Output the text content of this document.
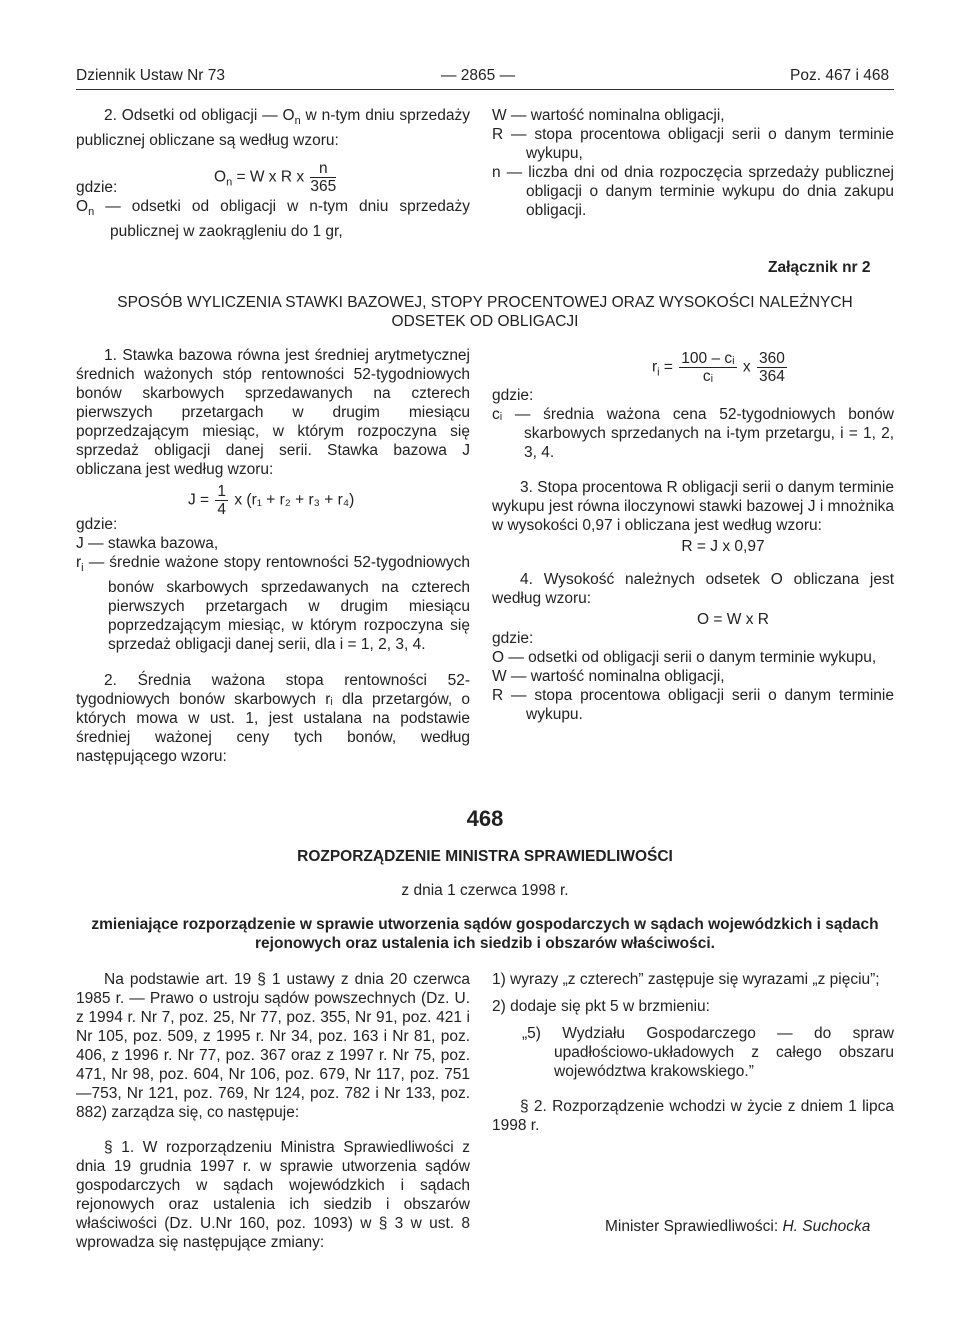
Dziennik Ustaw Nr 73	— 2865 —	Poz. 467 i 468

2. Odsetki od obligacji — $O_n$ w n-tym dniu sprzedaży publicznej obliczane są według wzoru:

$O_n = W$ x R x $\frac{n}{365}$

gdzie:

$O_n$ — odsetki od obligacji w n-tym dniu sprzedaży publicznej w zaokrągleniu do 1 gr,

W — wartość nominalna obligacji,

R — stopa procentowa obligacji serii o danym terminie wykupu,

n — liczba dni od dnia rozpoczęcia sprzedaży publicznej obligacji o danym terminie wykupu do dnia zakupu obligacji.

Załącznik nr 2
SPOSÓB WYLICZENIA STAWKI BAZOWEJ, STOPY PROCENTOWEJ ORAZ WYSOKOŚCI NALEŻNYCH
ODSETEK OD OBLIGACJI

1. Stawka bazowa równa jest średniej arytmetycznej średnich ważonych stóp rentowności 52-tygodniowych bonów skarbowych sprzedawanych na czterech pierwszych przetargach w drugim miesiącu poprzedzającym miesiąc, w którym rozpoczyna się sprzedaż obligacji danej serii. Stawka bazowa J obliczana jest według wzoru:

$J = \frac{1}{4}$ x (r₁ + r₂ + r₃ + r₄)

gdzie:

J — stawka bazowa,

$r_i$ — średnie ważone stopy rentowności 52-tygodniowych bonów skarbowych sprzedawanych na czterech pierwszych przetargach w drugim miesiącu poprzedzającym miesiąc, w którym rozpoczyna się sprzedaż obligacji danej serii, dla i = 1, 2, 3, 4.

2. Średnia ważona stopa rentowności 52-tygodniowych bonów skarbowych rᵢ dla przetargów, o których mowa w ust. 1, jest ustalana na podstawie średniej ważonej ceny tych bonów, według następującego wzoru:

$r_i = \frac{\text{100 – cᵢ}}{\text{cᵢ}}$ x $\frac{360}{364}$

gdzie:

cᵢ — średnia ważona cena 52-tygodniowych bonów skarbowych sprzedanych na i-tym przetargu, i = 1, 2, 3, 4.

3. Stopa procentowa R obligacji serii o danym terminie wykupu jest równa iloczynowi stawki bazowej J i mnożnika w wysokości 0,97 i obliczana jest według wzoru:

R = J x 0,97

4. Wysokość należnych odsetek O obliczana jest według wzoru:

O = W x R

gdzie:

O — odsetki od obligacji serii o danym terminie wykupu,

W — wartość nominalna obligacji,

R — stopa procentowa obligacji serii o danym terminie wykupu.

468
ROZPORZĄDZENIE MINISTRA SPRAWIEDLIWOŚCI
z dnia 1 czerwca 1998 r.
zmieniające rozporządzenie w sprawie utworzenia sądów gospodarczych w sądach wojewódzkich i sądach rejonowych oraz ustalenia ich siedzib i obszarów właściwości.

Na podstawie art. 19 § 1 ustawy z dnia 20 czerwca 1985 r. — Prawo o ustroju sądów powszechnych (Dz. U. z 1994 r. Nr 7, poz. 25, Nr 77, poz. 355, Nr 91, poz. 421 i Nr 105, poz. 509, z 1995 r. Nr 34, poz. 163 i Nr 81, poz. 406, z 1996 r. Nr 77, poz. 367 oraz z 1997 r. Nr 75, poz. 471, Nr 98, poz. 604, Nr 106, poz. 679, Nr 117, poz. 751—753, Nr 121, poz. 769, Nr 124, poz. 782 i Nr 133, poz. 882) zarządza się, co następuje:

§ 1. W rozporządzeniu Ministra Sprawiedliwości z dnia 19 grudnia 1997 r. w sprawie utworzenia sądów gospodarczych w sądach wojewódzkich i sądach rejonowych oraz ustalenia ich siedzib i obszarów właściwości (Dz. U.Nr 160, poz. 1093) w § 3 w ust. 8 wprowadza się następujące zmiany:

1) wyrazy „z czterech” zastępuje się wyrazami „z pięciu”;

2) dodaje się pkt 5 w brzmieniu:

„5) Wydziału Gospodarczego — do spraw upadłościowo-układowych z całego obszaru województwa krakowskiego.”

§ 2. Rozporządzenie wchodzi w życie z dniem 1 lipca 1998 r.

Minister Sprawiedliwości: H. Suchocka
